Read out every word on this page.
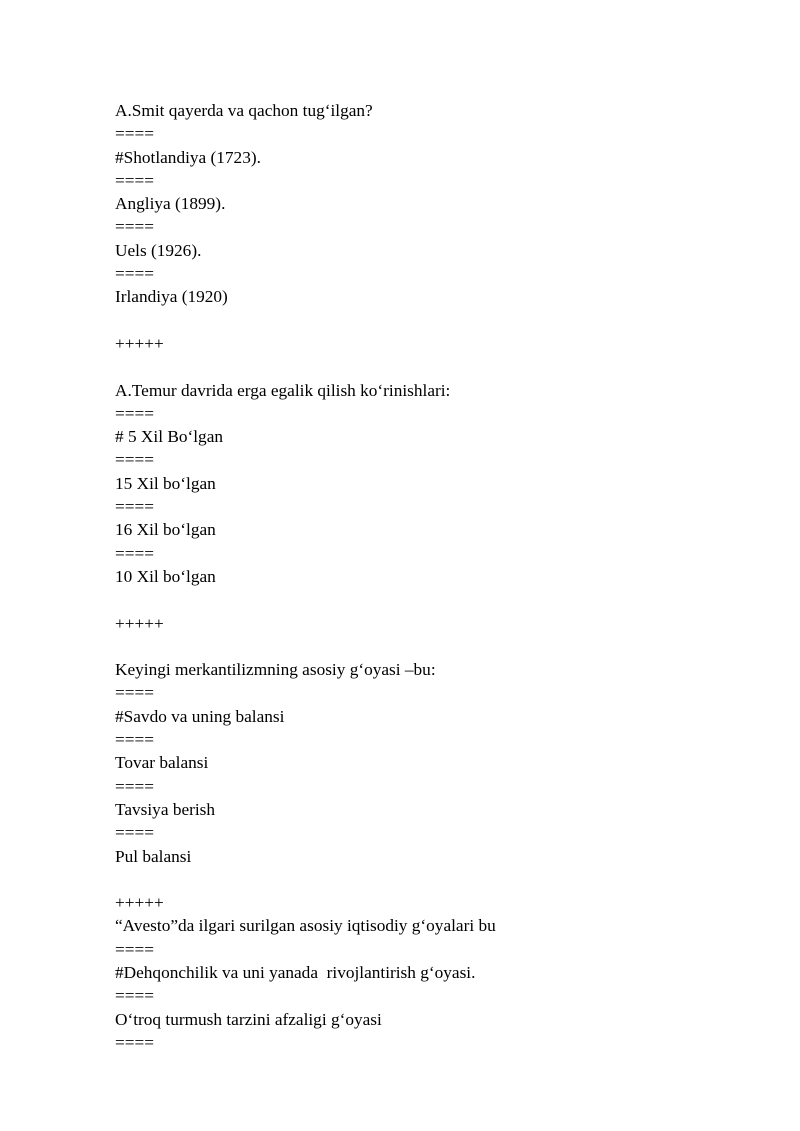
A.Smit qayerda va qachon tug‘ilgan?
====
#Shotlandiya (1723).
====
Angliya (1899).
====
Uels (1926).
====
Irlandiya (1920)
+++++
A.Temur davrida erga egalik qilish ko‘rinishlari:
====
# 5 Xil Bo‘lgan
====
15 Xil bo‘lgan
====
16 Xil bo‘lgan
====
10 Xil bo‘lgan
+++++
Keyingi merkantilizmning asosiy g‘oyasi –bu:
====
#Savdo va uning balansi
====
Tovar balansi
====
Tavsiya berish
====
Pul balansi
+++++
“Avesto”da ilgari surilgan asosiy iqtisodiy g‘oyalari bu
====
#Dehqonchilik va uni yanada  rivojlantirish g‘oyasi.
====
O‘troq turmush tarzini afzaligi g‘oyasi
====
